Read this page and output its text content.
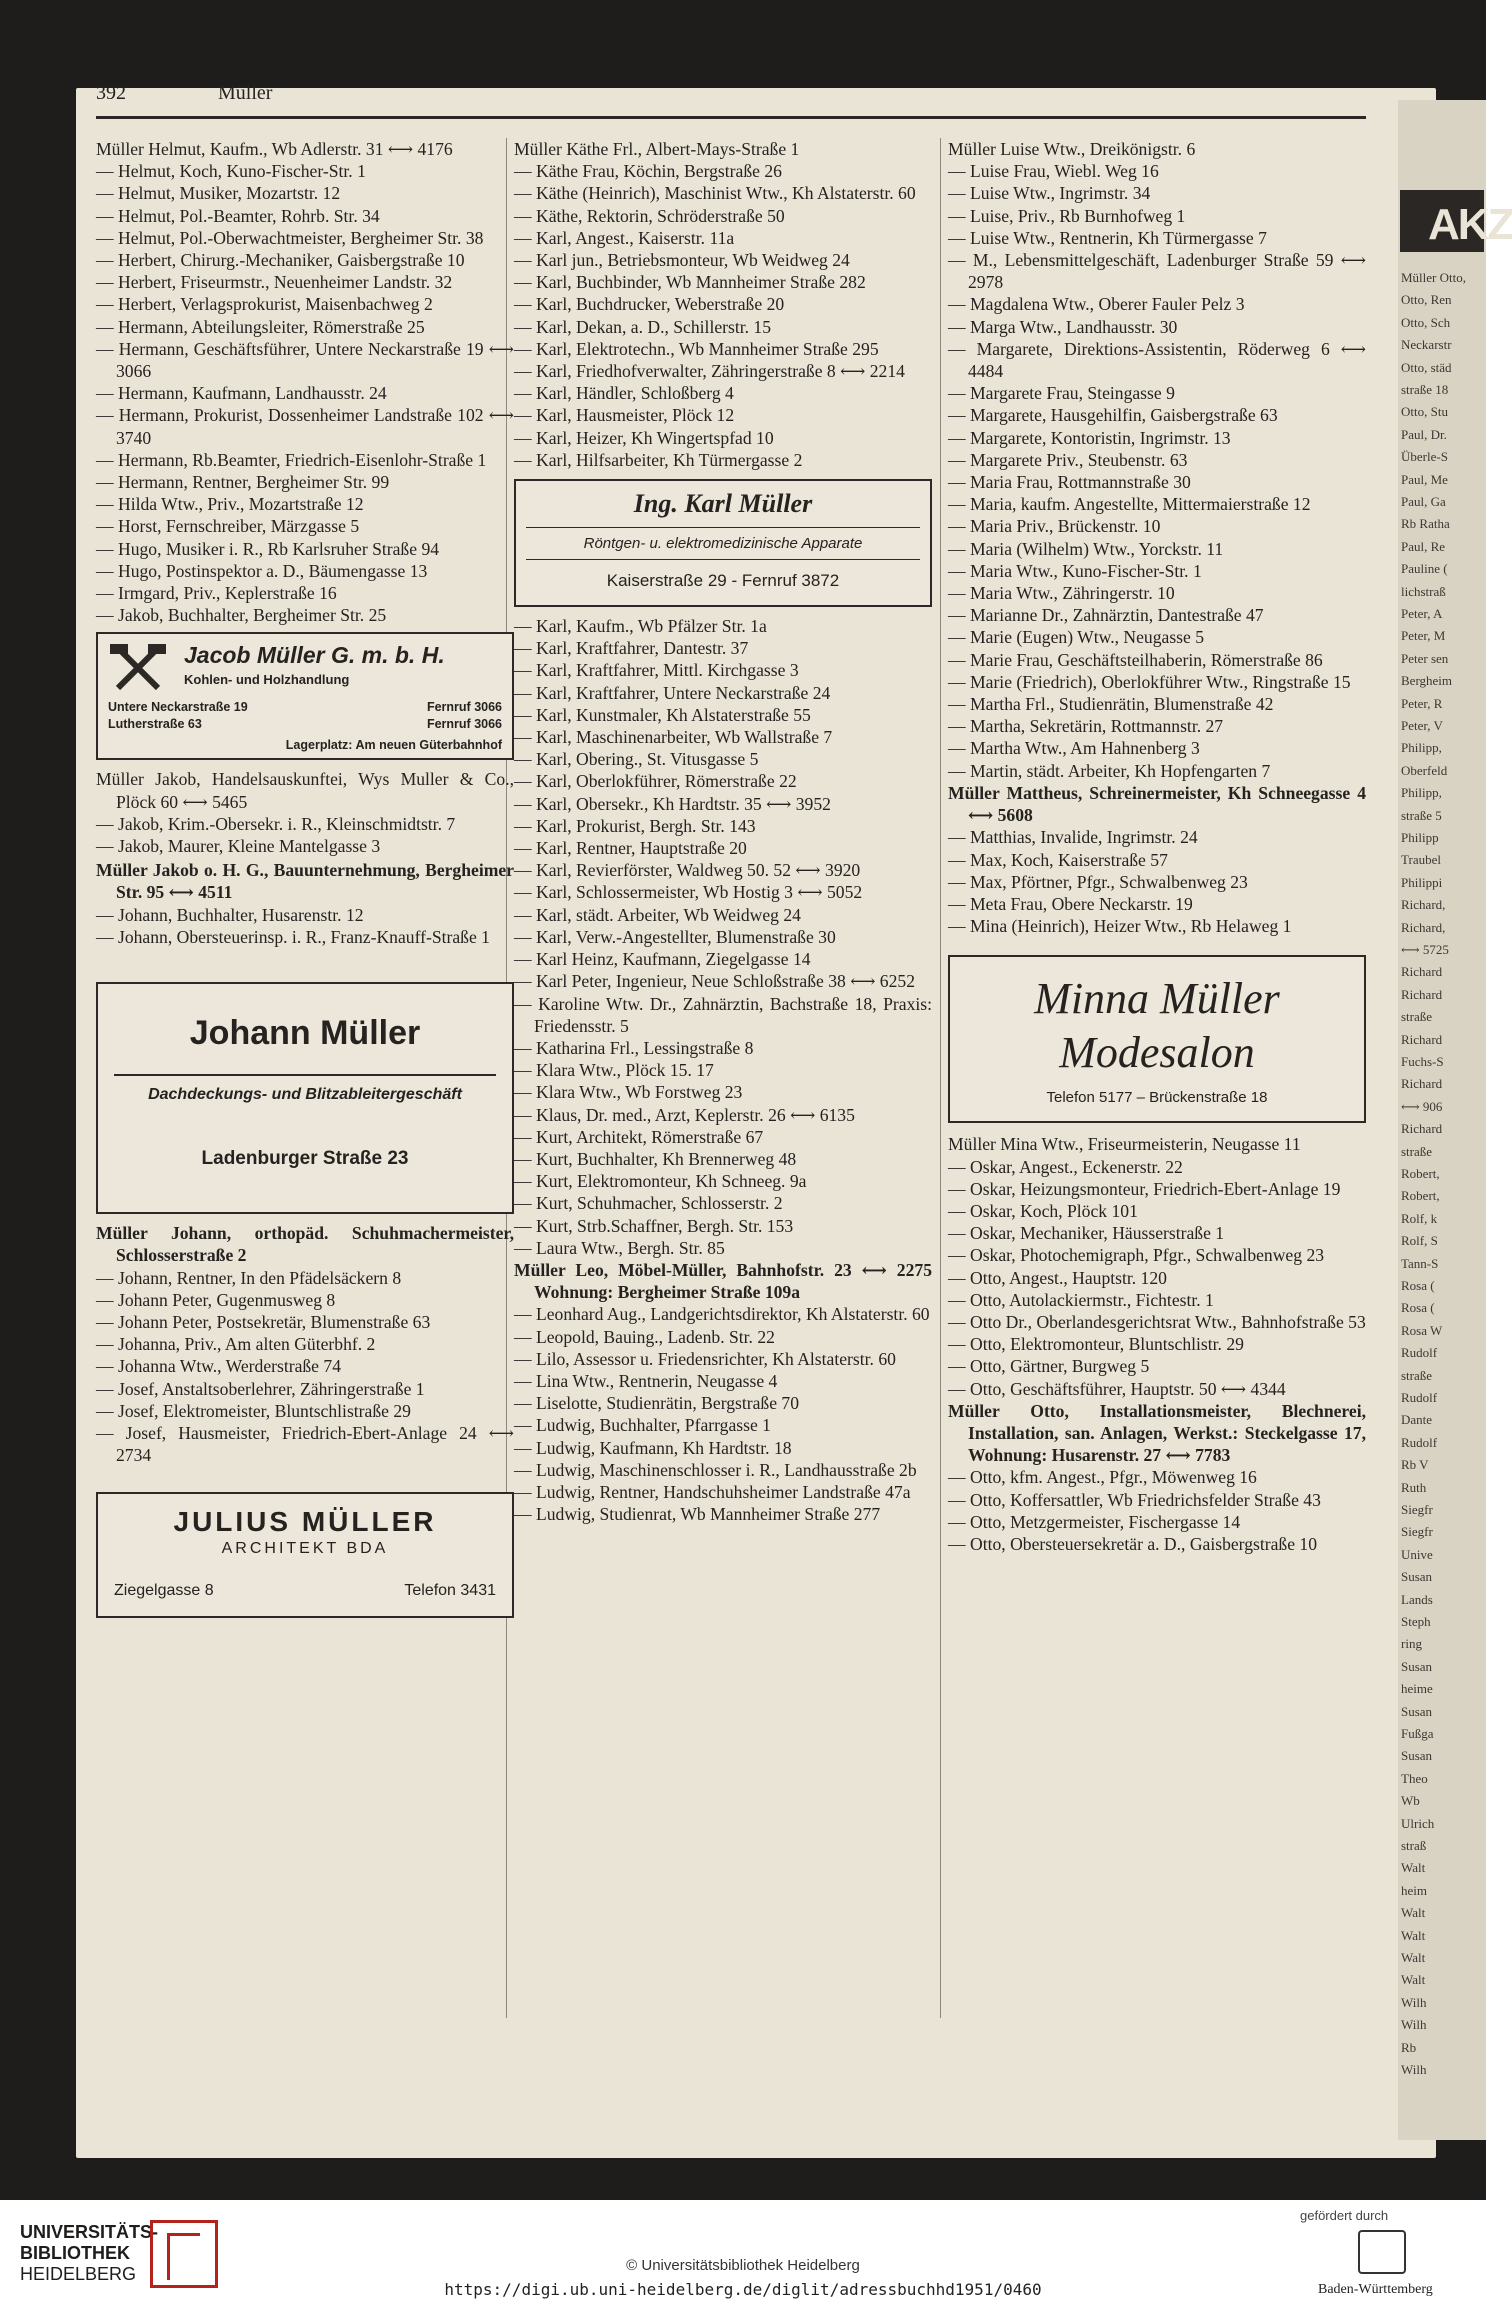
AKZ
Müller Otto,
Otto, Ren
Otto, Sch
Neckarstr
Otto, städ
straße 18
Otto, Stu
Paul, Dr.
Überle-S
Paul, Me
Paul, Ga
Rb Ratha
Paul, Re
Pauline (
lichstraß
Peter, A
Peter, M
Peter sen
Bergheim
Peter, R
Peter, V
Philipp,
Oberfeld
Philipp,
straße 5
Philipp
Traubel
Philippi
Richard,
Richard,
⟷ 5725
Richard
Richard
straße
Richard
Fuchs-S
Richard
⟷ 906
Richard
straße
Robert,
Robert,
Rolf, k
Rolf, S
Tann-S
Rosa (
Rosa (
Rosa W
Rudolf
straße
Rudolf
Dante
Rudolf
Rb V
Ruth
Siegfr
Siegfr
Unive
Susan
Lands
Steph
ring
Susan
heime
Susan
Fußga
Susan
Theo
Wb
Ulrich
straß
Walt
heim
Walt
Walt
Walt
Walt
Wilh
Wilh
Rb
Wilh
392	Müller
Müller Helmut, Kaufm., Wb Adlerstr. 31 ⟷ 4176
— Helmut, Koch, Kuno-Fischer-Str. 1
— Helmut, Musiker, Mozartstr. 12
— Helmut, Pol.-Beamter, Rohrb. Str. 34
— Helmut, Pol.-Oberwachtmeister, Bergheimer Str. 38
— Herbert, Chirurg.-Mechaniker, Gaisbergstraße 10
— Herbert, Friseurmstr., Neuenheimer Landstr. 32
— Herbert, Verlagsprokurist, Maisenbachweg 2
— Hermann, Abteilungsleiter, Römerstraße 25
— Hermann, Geschäftsführer, Untere Neckarstraße 19 ⟷ 3066
— Hermann, Kaufmann, Landhausstr. 24
— Hermann, Prokurist, Dossenheimer Landstraße 102 ⟷ 3740
— Hermann, Rb.Beamter, Friedrich-Eisenlohr-Straße 1
— Hermann, Rentner, Bergheimer Str. 99
— Hilda Wtw., Priv., Mozartstraße 12
— Horst, Fernschreiber, Märzgasse 5
— Hugo, Musiker i. R., Rb Karlsruher Straße 94
— Hugo, Postinspektor a. D., Bäumengasse 13
— Irmgard, Priv., Keplerstraße 16
— Jakob, Buchhalter, Bergheimer Str. 25
Jacob Müller G. m. b. H.
Kohlen- und Holzhandlung
Untere Neckarstraße 19	Fernruf 3066
Lutherstraße 63	Fernruf 3066
Lagerplatz: Am neuen Güterbahnhof
Müller Jakob, Handelsauskunftei, Wys Muller & Co., Plöck 60 ⟷ 5465
— Jakob, Krim.-Obersekr. i. R., Kleinschmidtstr. 7
— Jakob, Maurer, Kleine Mantelgasse 3
Müller Jakob o. H. G., Bauunternehmung, Bergheimer Str. 95 ⟷ 4511
— Johann, Buchhalter, Husarenstr. 12
— Johann, Obersteuerinsp. i. R., Franz-Knauff-Straße 1
Johann Müller
Dachdeckungs- und Blitzableitergeschäft
Ladenburger Straße 23
Müller Johann, orthopäd. Schuhmachermeister, Schlosserstraße 2
— Johann, Rentner, In den Pfädelsäckern 8
— Johann Peter, Gugenmusweg 8
— Johann Peter, Postsekretär, Blumenstraße 63
— Johanna, Priv., Am alten Güterbhf. 2
— Johanna Wtw., Werderstraße 74
— Josef, Anstaltsoberlehrer, Zähringerstraße 1
— Josef, Elektromeister, Bluntschlistraße 29
— Josef, Hausmeister, Friedrich-Ebert-Anlage 24 ⟷ 2734
JULIUS MÜLLER
ARCHITEKT BDA
Ziegelgasse 8	Telefon 3431
Müller Käthe Frl., Albert-Mays-Straße 1
— Käthe Frau, Köchin, Bergstraße 26
— Käthe (Heinrich), Maschinist Wtw., Kh Alstaterstr. 60
— Käthe, Rektorin, Schröderstraße 50
— Karl, Angest., Kaiserstr. 11a
— Karl jun., Betriebsmonteur, Wb Weidweg 24
— Karl, Buchbinder, Wb Mannheimer Straße 282
— Karl, Buchdrucker, Weberstraße 20
— Karl, Dekan, a. D., Schillerstr. 15
— Karl, Elektrotechn., Wb Mannheimer Straße 295
— Karl, Friedhofverwalter, Zähringerstraße 8 ⟷ 2214
— Karl, Händler, Schloßberg 4
— Karl, Hausmeister, Plöck 12
— Karl, Heizer, Kh Wingertspfad 10
— Karl, Hilfsarbeiter, Kh Türmergasse 2
Ing. Karl Müller
Röntgen- u. elektromedizinische Apparate
Kaiserstraße 29 - Fernruf 3872
— Karl, Kaufm., Wb Pfälzer Str. 1a
— Karl, Kraftfahrer, Dantestr. 37
— Karl, Kraftfahrer, Mittl. Kirchgasse 3
— Karl, Kraftfahrer, Untere Neckarstraße 24
— Karl, Kunstmaler, Kh Alstaterstraße 55
— Karl, Maschinenarbeiter, Wb Wallstraße 7
— Karl, Obering., St. Vitusgasse 5
— Karl, Oberlokführer, Römerstraße 22
— Karl, Obersekr., Kh Hardtstr. 35 ⟷ 3952
— Karl, Prokurist, Bergh. Str. 143
— Karl, Rentner, Hauptstraße 20
— Karl, Revierförster, Waldweg 50. 52 ⟷ 3920
— Karl, Schlossermeister, Wb Hostig 3 ⟷ 5052
— Karl, städt. Arbeiter, Wb Weidweg 24
— Karl, Verw.-Angestellter, Blumenstraße 30
— Karl Heinz, Kaufmann, Ziegelgasse 14
— Karl Peter, Ingenieur, Neue Schloßstraße 38 ⟷ 6252
— Karoline Wtw. Dr., Zahnärztin, Bachstraße 18, Praxis: Friedensstr. 5
— Katharina Frl., Lessingstraße 8
— Klara Wtw., Plöck 15. 17
— Klara Wtw., Wb Forstweg 23
— Klaus, Dr. med., Arzt, Keplerstr. 26 ⟷ 6135
— Kurt, Architekt, Römerstraße 67
— Kurt, Buchhalter, Kh Brennerweg 48
— Kurt, Elektromonteur, Kh Schneeg. 9a
— Kurt, Schuhmacher, Schlosserstr. 2
— Kurt, Strb.Schaffner, Bergh. Str. 153
— Laura Wtw., Bergh. Str. 85
Müller Leo, Möbel-Müller, Bahnhofstr. 23 ⟷ 2275 Wohnung: Bergheimer Straße 109a
— Leonhard Aug., Landgerichtsdirektor, Kh Alstaterstr. 60
— Leopold, Bauing., Ladenb. Str. 22
— Lilo, Assessor u. Friedensrichter, Kh Alstaterstr. 60
— Lina Wtw., Rentnerin, Neugasse 4
— Liselotte, Studienrätin, Bergstraße 70
— Ludwig, Buchhalter, Pfarrgasse 1
— Ludwig, Kaufmann, Kh Hardtstr. 18
— Ludwig, Maschinenschlosser i. R., Landhausstraße 2b
— Ludwig, Rentner, Handschuhsheimer Landstraße 47a
— Ludwig, Studienrat, Wb Mannheimer Straße 277
Müller Luise Wtw., Dreikönigstr. 6
— Luise Frau, Wiebl. Weg 16
— Luise Wtw., Ingrimstr. 34
— Luise, Priv., Rb Burnhofweg 1
— Luise Wtw., Rentnerin, Kh Türmergasse 7
— M., Lebensmittelgeschäft, Ladenburger Straße 59 ⟷ 2978
— Magdalena Wtw., Oberer Fauler Pelz 3
— Marga Wtw., Landhausstr. 30
— Margarete, Direktions-Assistentin, Röderweg 6 ⟷ 4484
— Margarete Frau, Steingasse 9
— Margarete, Hausgehilfin, Gaisbergstraße 63
— Margarete, Kontoristin, Ingrimstr. 13
— Margarete Priv., Steubenstr. 63
— Maria Frau, Rottmannstraße 30
— Maria, kaufm. Angestellte, Mittermaierstraße 12
— Maria Priv., Brückenstr. 10
— Maria (Wilhelm) Wtw., Yorckstr. 11
— Maria Wtw., Kuno-Fischer-Str. 1
— Maria Wtw., Zähringerstr. 10
— Marianne Dr., Zahnärztin, Dantestraße 47
— Marie (Eugen) Wtw., Neugasse 5
— Marie Frau, Geschäftsteilhaberin, Römerstraße 86
— Marie (Friedrich), Oberlokführer Wtw., Ringstraße 15
— Martha Frl., Studienrätin, Blumenstraße 42
— Martha, Sekretärin, Rottmannstr. 27
— Martha Wtw., Am Hahnenberg 3
— Martin, städt. Arbeiter, Kh Hopfengarten 7
Müller Mattheus, Schreinermeister, Kh Schneegasse 4 ⟷ 5608
— Matthias, Invalide, Ingrimstr. 24
— Max, Koch, Kaiserstraße 57
— Max, Pförtner, Pfgr., Schwalbenweg 23
— Meta Frau, Obere Neckarstr. 19
— Mina (Heinrich), Heizer Wtw., Rb Helaweg 1
Minna Müller
Modesalon
Telefon 5177 – Brückenstraße 18
Müller Mina Wtw., Friseurmeisterin, Neugasse 11
— Oskar, Angest., Eckenerstr. 22
— Oskar, Heizungsmonteur, Friedrich-Ebert-Anlage 19
— Oskar, Koch, Plöck 101
— Oskar, Mechaniker, Häusserstraße 1
— Oskar, Photochemigraph, Pfgr., Schwalbenweg 23
— Otto, Angest., Hauptstr. 120
— Otto, Autolackiermstr., Fichtestr. 1
— Otto Dr., Oberlandesgerichtsrat Wtw., Bahnhofstraße 53
— Otto, Elektromonteur, Bluntschlistr. 29
— Otto, Gärtner, Burgweg 5
— Otto, Geschäftsführer, Hauptstr. 50 ⟷ 4344
Müller Otto, Installationsmeister, Blechnerei, Installation, san. Anlagen, Werkst.: Steckelgasse 17, Wohnung: Husarenstr. 27 ⟷ 7783
— Otto, kfm. Angest., Pfgr., Möwenweg 16
— Otto, Koffersattler, Wb Friedrichsfelder Straße 43
— Otto, Metzgermeister, Fischergasse 14
— Otto, Obersteuersekretär a. D., Gaisbergstraße 10
UNIVERSITÄTS-
BIBLIOTHEK
HEIDELBERG	© Universitätsbibliothek Heidelberg
https://digi.ub.uni-heidelberg.de/diglit/adressbuchhd1951/0460
gefördert durch
Baden-Württemberg
